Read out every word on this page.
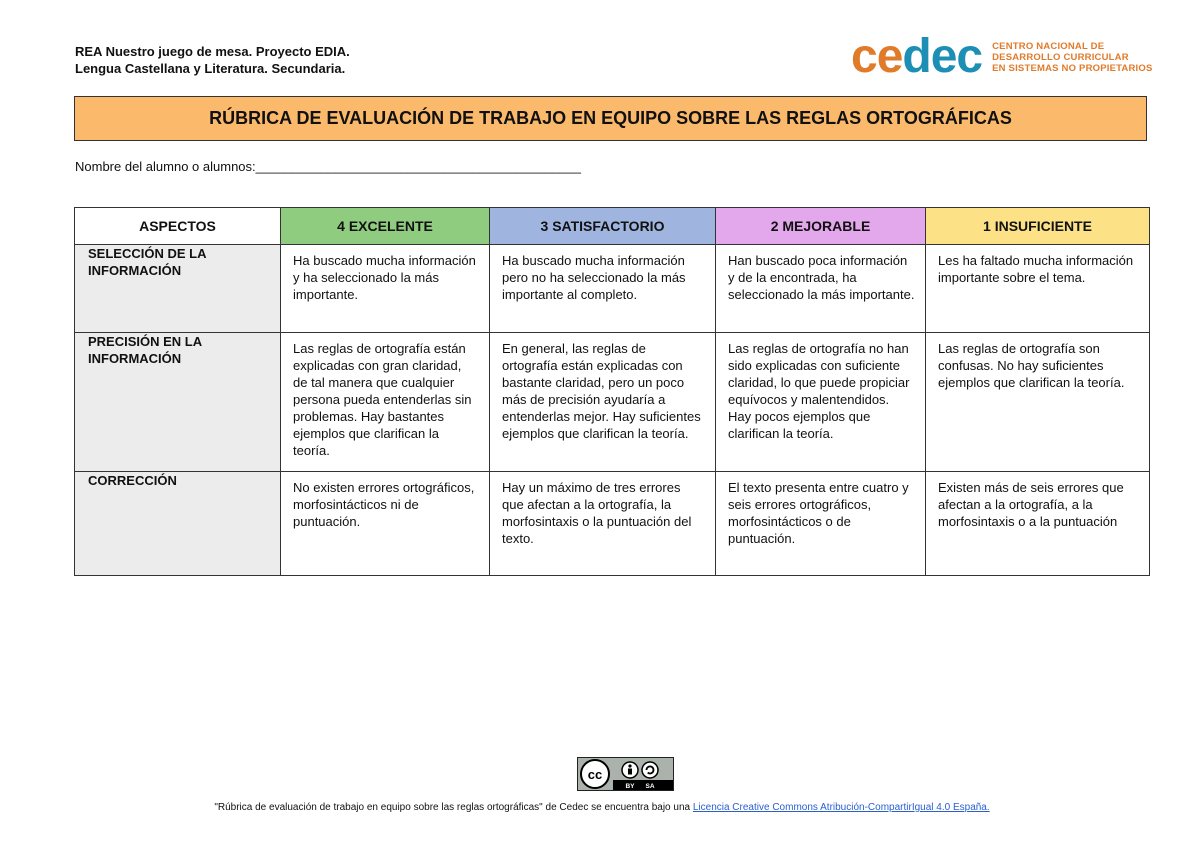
REA Nuestro juego de mesa. Proyecto EDIA.
Lengua Castellana y Literatura. Secundaria.	cedec CENTRO NACIONAL DE
DESARROLLO CURRICULAR
EN SISTEMAS NO PROPIETARIOS
RÚBRICA DE EVALUACIÓN DE TRABAJO EN EQUIPO SOBRE LAS REGLAS ORTOGRÁFICAS
Nombre del alumno o alumnos:_____________________________________________
ASPECTOS	4 EXCELENTE	3 SATISFACTORIO	2 MEJORABLE	1 INSUFICIENTE
SELECCIÓN DE LA INFORMACIÓN	Ha buscado mucha información y ha seleccionado la más importante.	Ha buscado mucha información pero no ha seleccionado la más importante al completo.	Han buscado poca información y de la encontrada, ha seleccionado la más importante.	Les ha faltado mucha información importante sobre el tema.
PRECISIÓN EN LA INFORMACIÓN	Las reglas de ortografía están explicadas con gran claridad, de tal manera que cualquier persona pueda entenderlas sin problemas. Hay bastantes ejemplos que clarifican la teoría.	En general, las reglas de ortografía están explicadas con bastante claridad, pero un poco más de precisión ayudaría a entenderlas mejor. Hay suficientes ejemplos que clarifican la teoría.	Las reglas de ortografía no han sido explicadas con suficiente claridad, lo que puede propiciar equívocos y malentendidos. Hay pocos ejemplos que clarifican la teoría.	Las reglas de ortografía son confusas. No hay suficientes ejemplos que clarifican la teoría.
CORRECCIÓN	No existen errores ortográficos, morfosintácticos ni de puntuación.	Hay un máximo de tres errores que afectan a la ortografía, la morfosintaxis o la puntuación del texto.	El texto presenta entre cuatro y seis errores ortográficos, morfosintácticos o de puntuación.	Existen más de seis errores que afectan a la ortografía, a la morfosintaxis o a la puntuación
cc
BY SA
"Rúbrica de evaluación de trabajo en equipo sobre las reglas ortográficas" de Cedec se encuentra bajo una Licencia Creative Commons Atribución-CompartirIgual 4.0 España.
